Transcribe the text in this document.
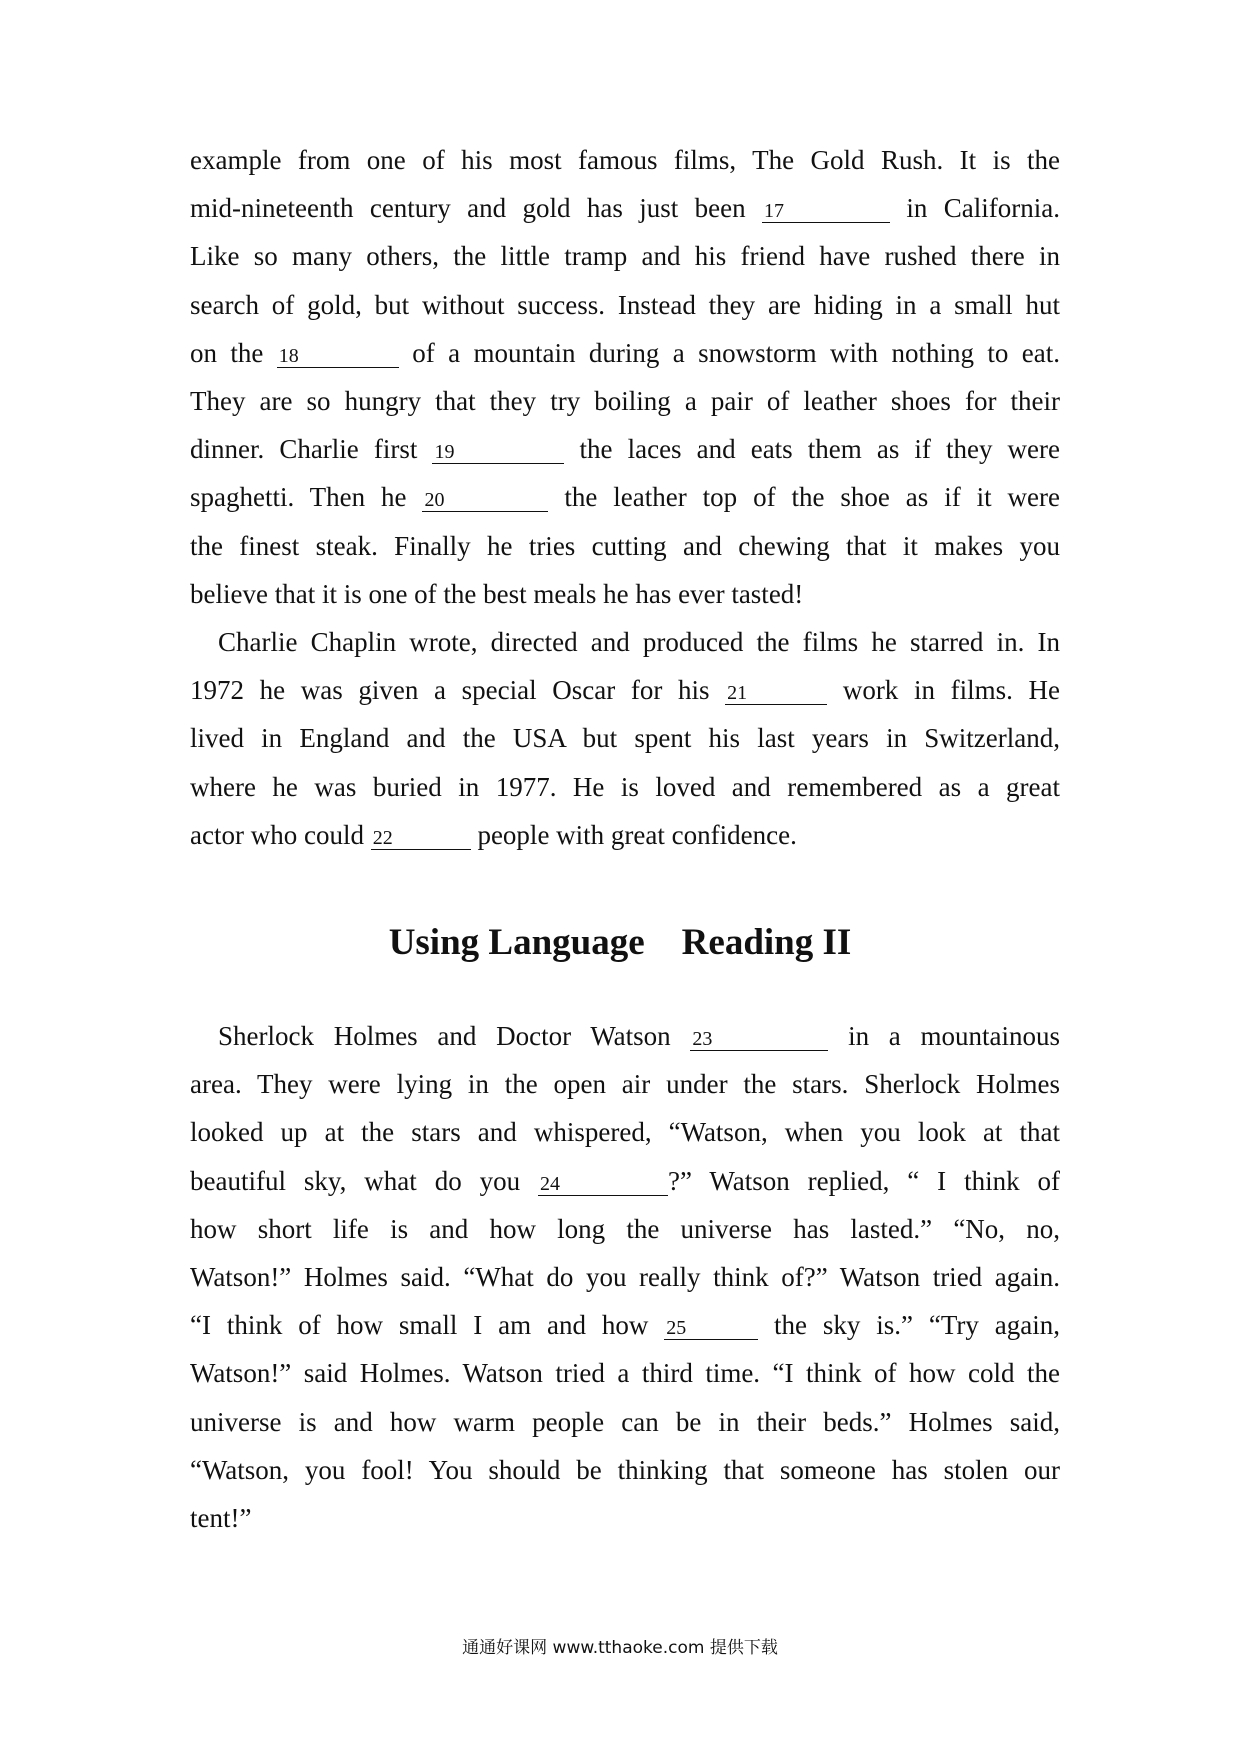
example from one of his most famous films, The Gold Rush. It is the
mid-nineteenth century and gold has just been 17	in California.
Like so many others, the little tramp and his friend have rushed there in
search of gold, but without success. Instead they are hiding in a small hut
on the 18	of a mountain during a snowstorm with nothing to eat.
They are so hungry that they try boiling a pair of leather shoes for their
dinner. Charlie first 19	the laces and eats them as if they were
spaghetti. Then he 20	the leather top of the shoe as if it were
the finest steak. Finally he tries cutting and chewing that it makes you
believe that it is one of the best meals he has ever tasted!
Charlie Chaplin wrote, directed and produced the films he starred in. In
1972 he was given a special Oscar for his 21	work in films. He
lived in England and the USA but spent his last years in Switzerland,
where he was buried in 1977. He is loved and remembered as a great
actor who could 22	people with great confidence.
Using Language    Reading II
Sherlock Holmes and Doctor Watson 23	in a mountainous
area. They were lying in the open air under the stars. Sherlock Holmes
looked up at the stars and whispered, “Watson, when you look at that
beautiful sky, what do you 24	?” Watson replied, “ I think of
how short life is and how long the universe has lasted.” “No, no,
Watson!” Holmes said. “What do you really think of?” Watson tried again.
“I think of how small I am and how 25	the sky is.” “Try again,
Watson!” said Holmes. Watson tried a third time. “I think of how cold the
universe is and how warm people can be in their beds.” Holmes said,
“Watson, you fool! You should be thinking that someone has stolen our
tent!”
通通好课网 www.tthaoke.com 提供下载
